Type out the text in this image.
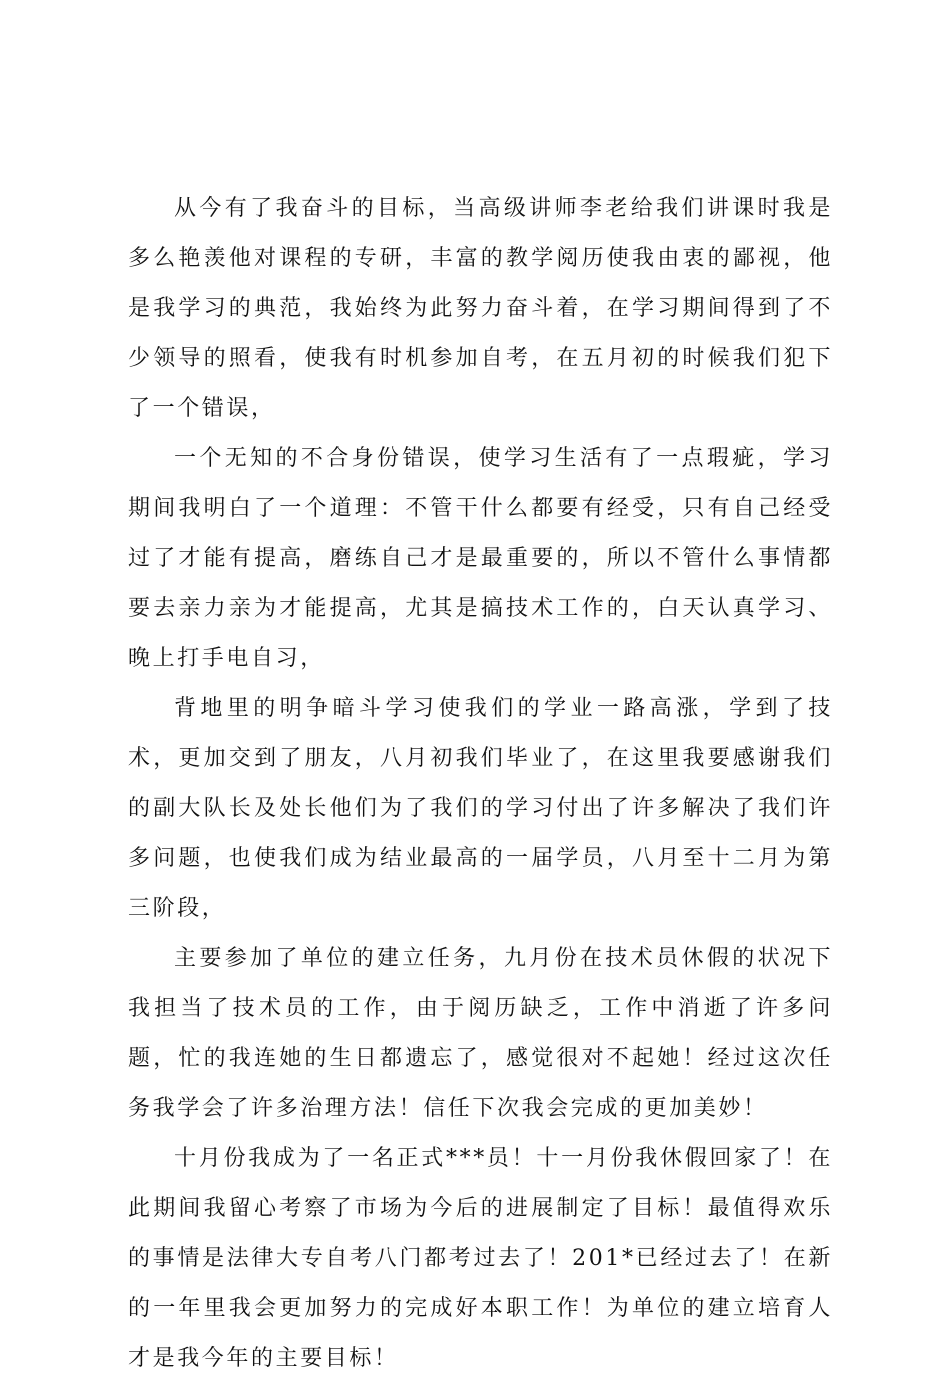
从今有了我奋斗的目标，当高级讲师李老给我们讲课时我是多么艳羡他对课程的专研，丰富的教学阅历使我由衷的鄙视，他是我学习的典范，我始终为此努力奋斗着，在学习期间得到了不少领导的照看，使我有时机参加自考，在五月初的时候我们犯下了一个错误，

一个无知的不合身份错误，使学习生活有了一点瑕疵，学习期间我明白了一个道理：不管干什么都要有经受，只有自己经受过了才能有提高，磨练自己才是最重要的，所以不管什么事情都要去亲力亲为才能提高，尤其是搞技术工作的，白天认真学习、晚上打手电自习，

背地里的明争暗斗学习使我们的学业一路高涨，学到了技术，更加交到了朋友，八月初我们毕业了，在这里我要感谢我们的副大队长及处长他们为了我们的学习付出了许多解决了我们许多问题，也使我们成为结业最高的一届学员，八月至十二月为第三阶段，

主要参加了单位的建立任务，九月份在技术员休假的状况下我担当了技术员的工作，由于阅历缺乏，工作中消逝了许多问题，忙的我连她的生日都遗忘了，感觉很对不起她！经过这次任务我学会了许多治理方法！信任下次我会完成的更加美妙！

十月份我成为了一名正式***员！十一月份我休假回家了！在此期间我留心考察了市场为今后的进展制定了目标！最值得欢乐的事情是法律大专自考八门都考过去了！201*已经过去了！在新的一年里我会更加努力的完成好本职工作！为单位的建立培育人才是我今年的主要目标！
